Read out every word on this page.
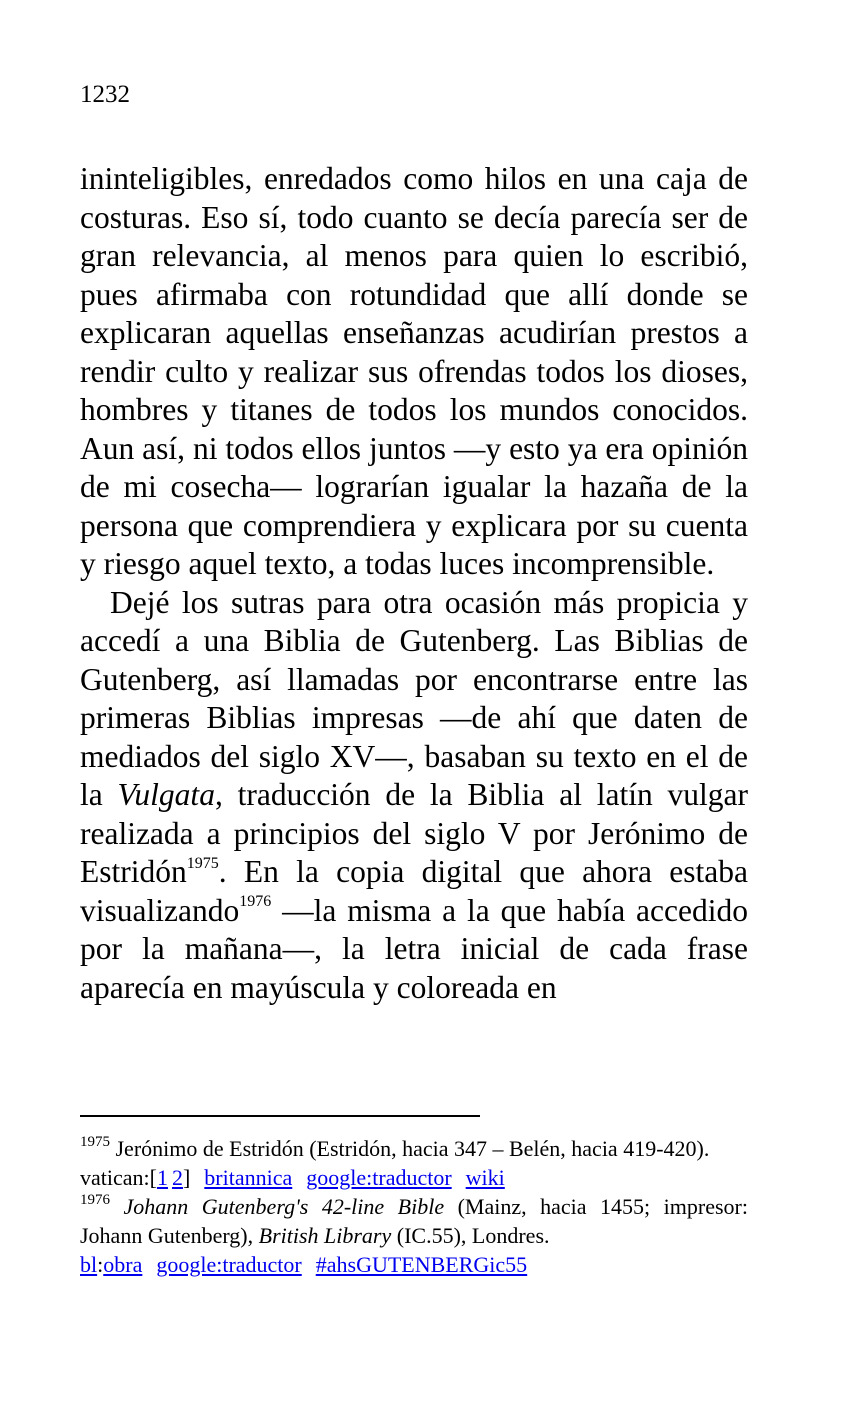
1232

ininteligibles, enredados como hilos en una caja de costuras. Eso sí, todo cuanto se decía parecía ser de gran relevancia, al menos para quien lo escribió, pues afirmaba con rotundidad que allí donde se explicaran aquellas enseñanzas acudirían prestos a rendir culto y realizar sus ofrendas todos los dioses, hombres y titanes de todos los mundos conocidos. Aun así, ni todos ellos juntos —y esto ya era opinión de mi cosecha— lograrían igualar la hazaña de la persona que comprendiera y explicara por su cuenta y riesgo aquel texto, a todas luces incomprensible.

Dejé los sutras para otra ocasión más propicia y accedí a una Biblia de Gutenberg. Las Biblias de Gutenberg, así llamadas por encontrarse entre las primeras Biblias impresas —de ahí que daten de mediados del siglo XV—, basaban su texto en el de la Vulgata, traducción de la Biblia al latín vulgar realizada a principios del siglo V por Jerónimo de Estridón$^{1975}$. En la copia digital que ahora estaba visualizando$^{1976}$ —la misma a la que había accedido por la mañana—, la letra inicial de cada frase aparecía en mayúscula y coloreada en

$^{1975}$ Jerónimo de Estridón (Estridón, hacia 347 – Belén, hacia 419-420).

vatican:[1 2] britannica google:traductor wiki

$^{1976}$ Johann Gutenberg's 42-line Bible (Mainz, hacia 1455; impresor: Johann Gutenberg), British Library (IC.55), Londres.

bl:obra google:traductor #ahsGUTENBERGic55
